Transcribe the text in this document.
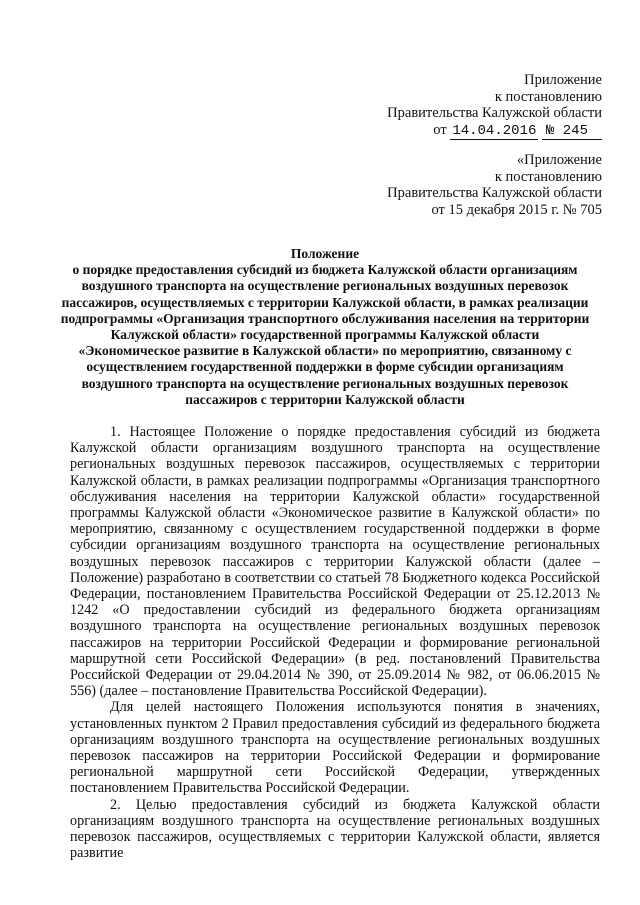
Приложение
к постановлению
Правительства Калужской области
от 14.04.2016 № 245
«Приложение
к постановлению
Правительства Калужской области
от 15 декабря 2015 г. № 705
Положение
о порядке предоставления субсидий из бюджета Калужской области организациям воздушного транспорта на осуществление региональных воздушных перевозок пассажиров, осуществляемых с территории Калужской области, в рамках реализации подпрограммы «Организация транспортного обслуживания населения на территории Калужской области» государственной программы Калужской области «Экономическое развитие в Калужской области» по мероприятию, связанному с осуществлением государственной поддержки в форме субсидии организациям воздушного транспорта на осуществление региональных воздушных перевозок пассажиров с территории Калужской области

1. Настоящее Положение о порядке предоставления субсидий из бюджета Калужской области организациям воздушного транспорта на осуществление региональных воздушных перевозок пассажиров, осуществляемых с территории Калужской области, в рамках реализации подпрограммы «Организация транспортного обслуживания населения на территории Калужской области» государственной программы Калужской области «Экономическое развитие в Калужской области» по мероприятию, связанному с осуществлением государственной поддержки в форме субсидии организациям воздушного транспорта на осуществление региональных воздушных перевозок пассажиров с территории Калужской области (далее – Положение) разработано в соответствии со статьей 78 Бюджетного кодекса Российской Федерации, постановлением Правительства Российской Федерации от 25.12.2013 № 1242 «О предоставлении субсидий из федерального бюджета организациям воздушного транспорта на осуществление региональных воздушных перевозок пассажиров на территории Российской Федерации и формирование региональной маршрутной сети Российской Федерации» (в ред. постановлений Правительства Российской Федерации от 29.04.2014 № 390, от 25.09.2014 № 982, от 06.06.2015 № 556) (далее – постановление Правительства Российской Федерации).

Для целей настоящего Положения используются понятия в значениях, установленных пунктом 2 Правил предоставления субсидий из федерального бюджета организациям воздушного транспорта на осуществление региональных воздушных перевозок пассажиров на территории Российской Федерации и формирование региональной маршрутной сети Российской Федерации, утвержденных постановлением Правительства Российской Федерации.

2. Целью предоставления субсидий из бюджета Калужской области организациям воздушного транспорта на осуществление региональных воздушных перевозок пассажиров, осуществляемых с территории Калужской области, является развитие
